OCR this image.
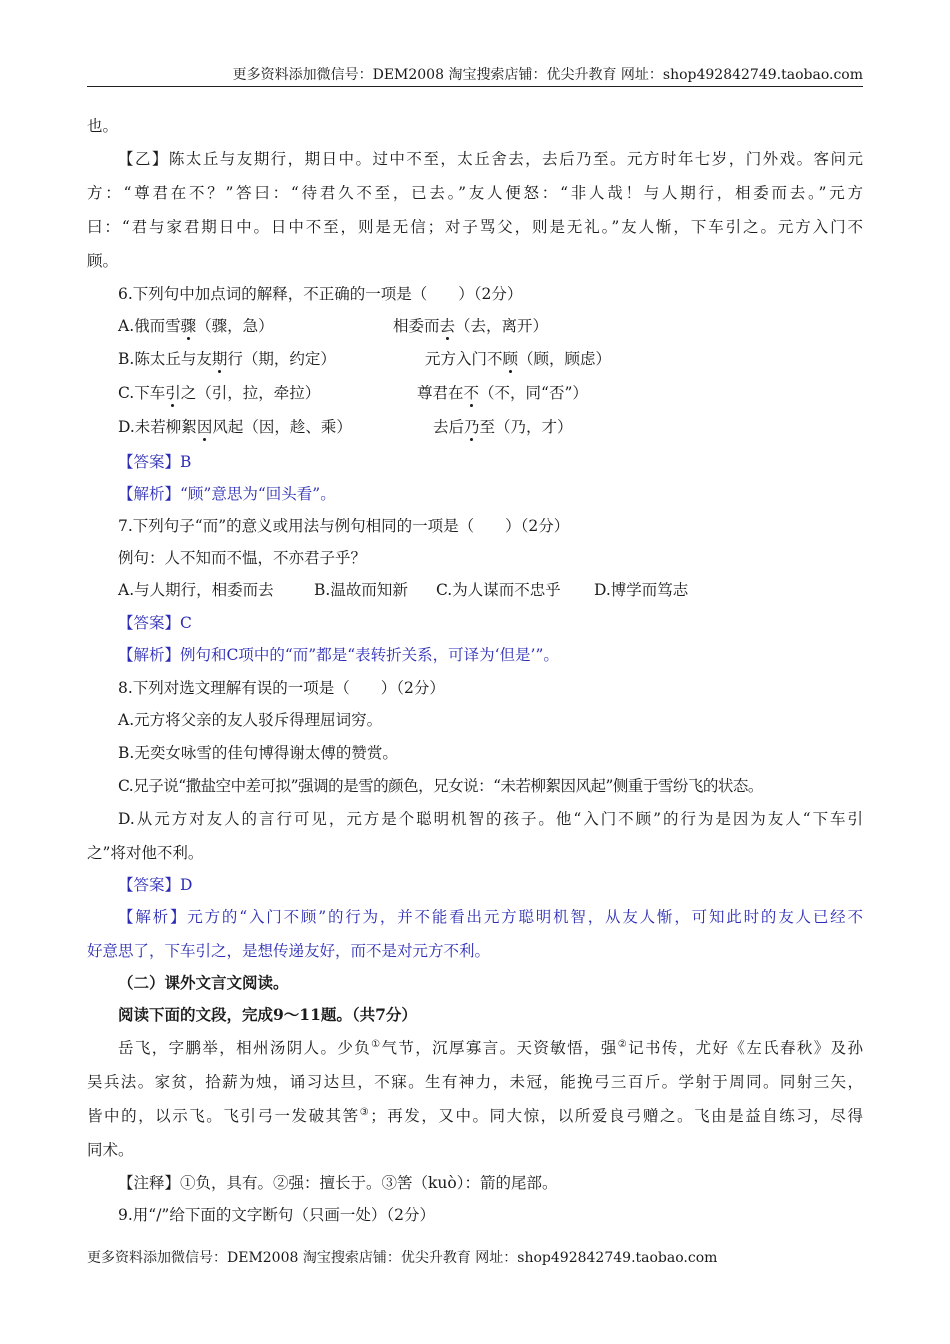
更多资料添加微信号：DEM2008 淘宝搜索店铺：优尖升教育 网址：shop492842749.taobao.com
也。
【乙】陈太丘与友期行，期日中。过中不至，太丘舍去，去后乃至。元方时年七岁，门外戏。客问元
方：“尊君在不？”答曰：“待君久不至，已去。”友人便怒：“非人哉！与人期行，相委而去。”元方
曰：“君与家君期日中。日中不至，则是无信；对子骂父，则是无礼。”友人惭，下车引之。元方入门不
顾。
6.下列句中加点词的解释，不正确的一项是（　　）（2分）
A.俄而雪骤（骤，急）	相委而去（去，离开）
B.陈太丘与友期行（期，约定）	元方入门不顾（顾，顾虑）
C.下车引之（引，拉，牵拉）	尊君在不（不，同“否”）
D.未若柳絮因风起（因，趁、乘）	去后乃至（乃，才）
【答案】B
【解析】“顾”意思为“回头看”。
7.下列句子“而”的意义或用法与例句相同的一项是（　　）（2分）
例句：人不知而不愠，不亦君子乎？
A.与人期行，相委而去	B.温故而知新 C.为人谋而不忠乎 D.博学而笃志
【答案】C
【解析】例句和C项中的“而”都是“表转折关系，可译为‘但是’”。
8.下列对选文理解有误的一项是（　　）（2分）
A.元方将父亲的友人驳斥得理屈词穷。
B.无奕女咏雪的佳句博得谢太傅的赞赏。
C.兄子说“撒盐空中差可拟”强调的是雪的颜色，兄女说：“未若柳絮因风起”侧重于雪纷飞的状态。
D.从元方对友人的言行可见，元方是个聪明机智的孩子。他“入门不顾”的行为是因为友人“下车引
之”将对他不利。
【答案】D
【解析】元方的“入门不顾”的行为，并不能看出元方聪明机智，从友人惭，可知此时的友人已经不
好意思了，下车引之，是想传递友好，而不是对元方不利。
（二）课外文言文阅读。
阅读下面的文段，完成9～11题。（共7分）
岳飞，字鹏举，相州汤阴人。少负①气节，沉厚寡言。天资敏悟，强②记书传，尤好《左氏春秋》及孙
吴兵法。家贫，拾薪为烛，诵习达旦，不寐。生有神力，未冠，能挽弓三百斤。学射于周同。同射三矢，
皆中的，以示飞。飞引弓一发破其筈③；再发，又中。同大惊，以所爱良弓赠之。飞由是益自练习，尽得
同术。
【注释】①负，具有。②强：擅长于。③筈（kuò）：箭的尾部。
9.用“/”给下面的文字断句（只画一处）（2分）
更多资料添加微信号：DEM2008 淘宝搜索店铺：优尖升教育 网址：shop492842749.taobao.com
